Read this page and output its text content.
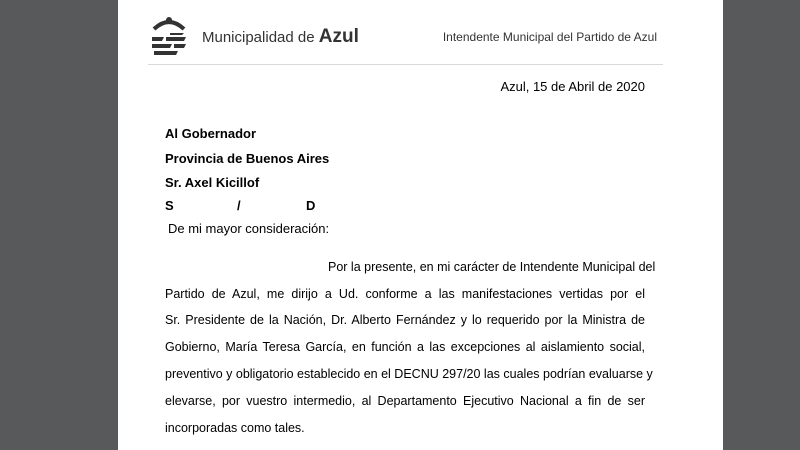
Municipalidad de Azul	Intendente Municipal del Partido de Azul
Azul, 15 de Abril de 2020
Al Gobernador
Provincia de Buenos Aires
Sr. Axel Kicillof
S	/	D
De mi mayor consideración:
Por la presente, en mi carácter de Intendente Municipal del
Partido de Azul, me dirijo a Ud. conforme a las manifestaciones vertidas por el
Sr. Presidente de la Nación, Dr. Alberto Fernández y lo requerido por la Ministra de
Gobierno, María Teresa García, en función a las excepciones al aislamiento social,
preventivo y obligatorio establecido en el DECNU 297/20 las cuales podrían evaluarse y
elevarse, por vuestro intermedio, al Departamento Ejecutivo Nacional a fin de ser
incorporadas como tales.
